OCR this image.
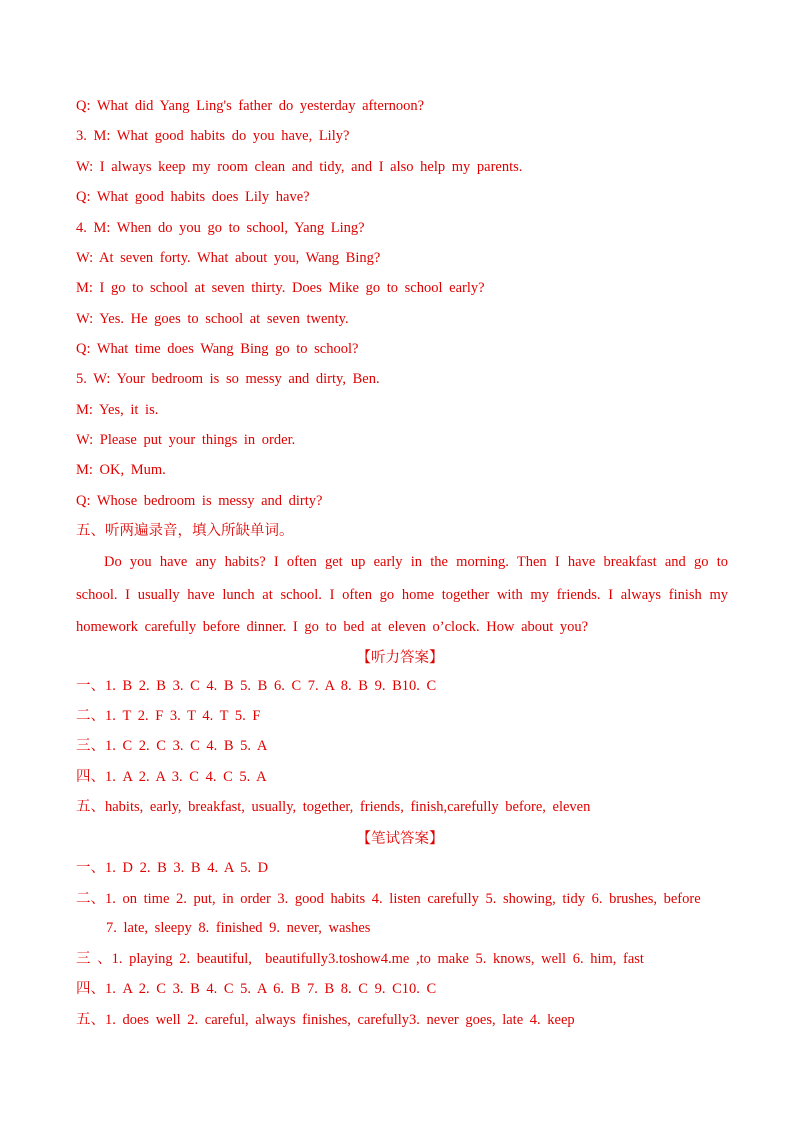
Q: What did Yang Ling's father do yesterday afternoon?
3. M: What good habits do you have, Lily?
W: I always keep my room clean and tidy, and I also help my parents.
Q: What good habits does Lily have?
4. M: When do you go to school, Yang Ling?
W: At seven forty. What about you, Wang Bing?
M: I go to school at seven thirty. Does Mike go to school early?
W: Yes. He goes to school at seven twenty.
Q: What time does Wang Bing go to school?
5. W: Your bedroom is so messy and dirty, Ben.
M: Yes, it is.
W: Please put your things in order.
M: OK, Mum.
Q: Whose bedroom is messy and dirty?
五、听两遍录音，填入所缺单词。
Do you have any habits? I often get up early in the morning. Then I have breakfast and go to school. I usually have lunch at school. I often go home together with my friends. I always finish my homework carefully before dinner. I go to bed at eleven o’clock. How about you?
【听力答案】
一、1. B 2. B 3. C 4. B 5. B 6. C 7. A 8. B 9. B10. C
二、1. T 2. F 3. T 4. T 5. F
三、1. C 2. C 3. C 4. B 5. A
四、1. A 2. A 3. C 4. C 5. A
五、habits, early, breakfast, usually, together, friends, finish,carefully before, eleven
【笔试答案】
一、1. D 2. B 3. B 4. A 5. D
二、1. on time 2. put, in order 3. good habits 4. listen carefully 5. showing, tidy 6. brushes, before
7. late, sleepy 8. finished 9. never, washes
三 、1. playing 2. beautiful,  beautifully3.toshow4.me ,to make 5. knows, well 6. him, fast
四、1. A 2. C 3. B 4. C 5. A 6. B 7. B 8. C 9. C10. C
五、1. does well 2. careful, always finishes, carefully3. never goes, late 4. keep
